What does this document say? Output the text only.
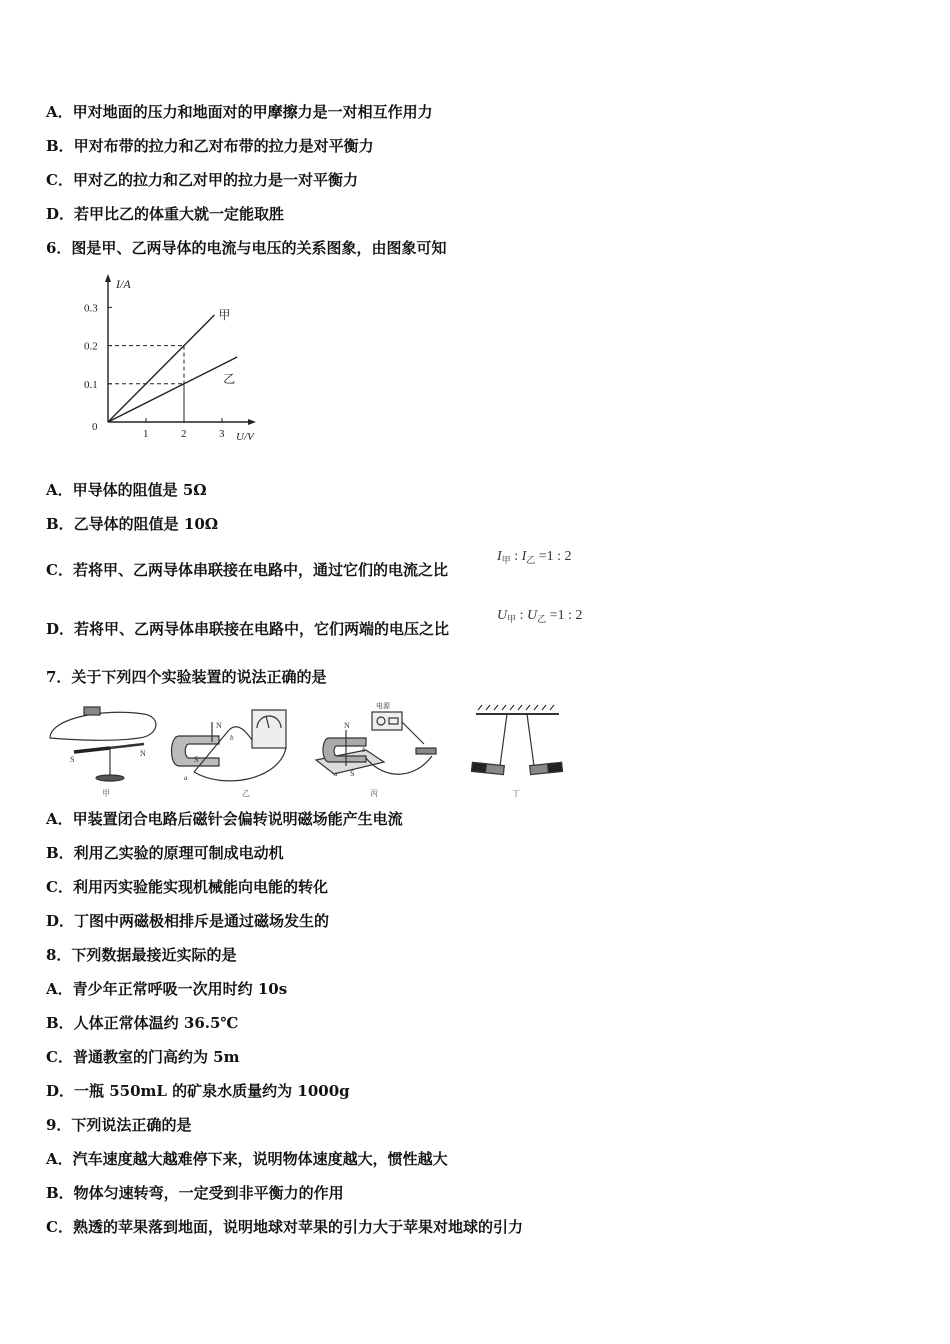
A．甲对地面的压力和地面对的甲摩擦力是一对相互作用力
B．甲对布带的拉力和乙对布带的拉力是对平衡力
C．甲对乙的拉力和乙对甲的拉力是一对平衡力
D．若甲比乙的体重大就一定能取胜
6．图是甲、乙两导体的电流与电压的关系图象，由图象可知
I/A
U/V
0
1	2	3
0.1
0.2
0.3	甲
乙
A．甲导体的阻值是 5Ω
B．乙导体的阻值是 10Ω
C．若将甲、乙两导体串联接在电路中，通过它们的电流之比
$I_甲$ : $I_乙 =1$ : 2
D．若将甲、乙两导体串联接在电路中，它们两端的电压之比
$U_甲$ : $U_乙 =1$ : 2
7．关于下列四个实验装置的说法正确的是
S
N
甲
N
S
b
a
乙
电源
N
S
a
b
丙	丁
A．甲装置闭合电路后磁针会偏转说明磁场能产生电流
B．利用乙实验的原理可制成电动机
C．利用丙实验能实现机械能向电能的转化
D．丁图中两磁极相排斥是通过磁场发生的
8．下列数据最接近实际的是
A．青少年正常呼吸一次用时约 10s
B．人体正常体温约 36.5℃
C．普通教室的门高约为 5m
D．一瓶 550mL 的矿泉水质量约为 1000g
9．下列说法正确的是
A．汽车速度越大越难停下来，说明物体速度越大，惯性越大
B．物体匀速转弯，一定受到非平衡力的作用
C．熟透的苹果落到地面，说明地球对苹果的引力大于苹果对地球的引力
